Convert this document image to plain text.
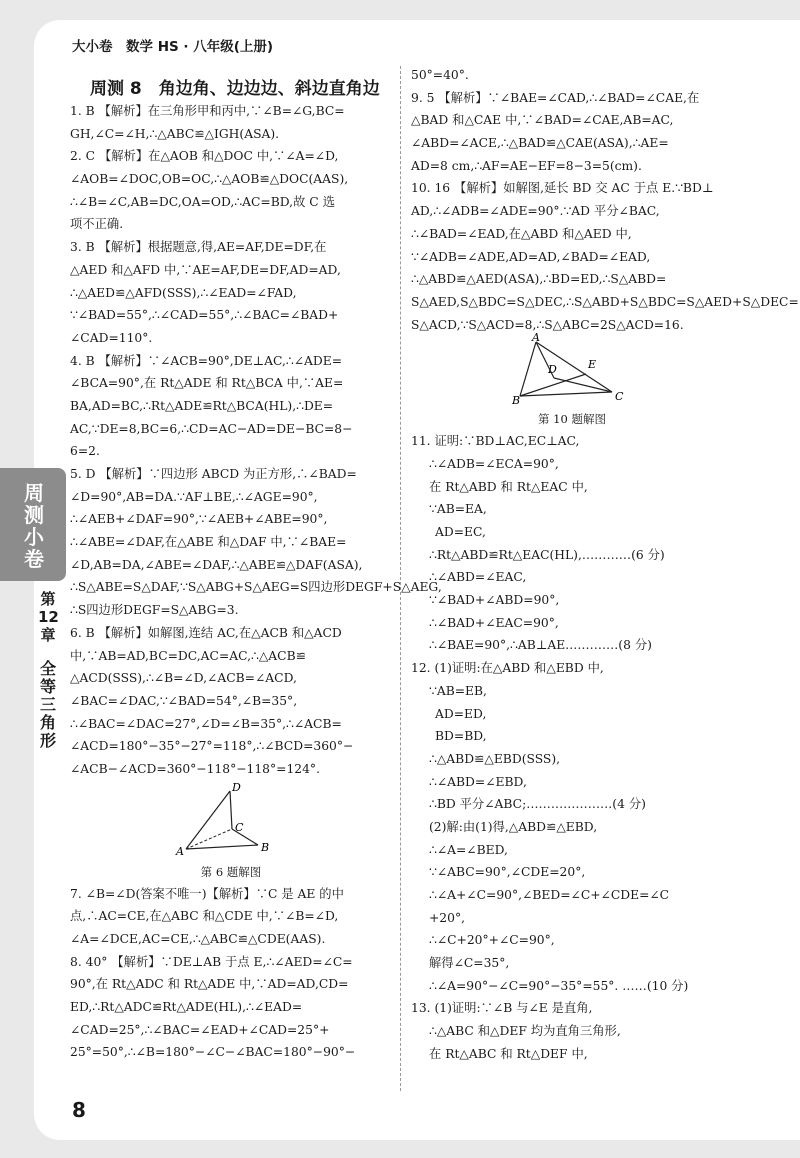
大小卷　数学 HS · 八年级(上册)
周测小卷
第12章
全等三角形
周测 8　角边角、边边边、斜边直角边
1. B 【解析】在三角形甲和丙中,∵∠B=∠G,BC=
GH,∠C=∠H,∴△ABC≌△IGH(ASA).
2. C 【解析】在△AOB 和△DOC 中,∵∠A=∠D,
∠AOB=∠DOC,OB=OC,∴△AOB≌△DOC(AAS),
∴∠B=∠C,AB=DC,OA=OD,∴AC=BD,故 C 选
项不正确.
3. B 【解析】根据题意,得,AE=AF,DE=DF,在
△AED 和△AFD 中,∵AE=AF,DE=DF,AD=AD,
∴△AED≌△AFD(SSS),∴∠EAD=∠FAD,
∵∠BAD=55°,∴∠CAD=55°,∴∠BAC=∠BAD+
∠CAD=110°.
4. B 【解析】∵∠ACB=90°,DE⊥AC,∴∠ADE=
∠BCA=90°,在 Rt△ADE 和 Rt△BCA 中,∵AE=
BA,AD=BC,∴Rt△ADE≌Rt△BCA(HL),∴DE=
AC,∵DE=8,BC=6,∴CD=AC−AD=DE−BC=8−
6=2.
5. D 【解析】∵四边形 ABCD 为正方形,∴∠BAD=
∠D=90°,AB=DA.∵AF⊥BE,∴∠AGE=90°,
∴∠AEB+∠DAF=90°,∵∠AEB+∠ABE=90°,
∴∠ABE=∠DAF,在△ABE 和△DAF 中,∵∠BAE=
∠D,AB=DA,∠ABE=∠DAF,∴△ABE≌△DAF(ASA),
∴S△ABE=S△DAF,∵S△ABG+S△AEG=S四边形DEGF+S△AEG,
∴S四边形DEGF=S△ABG=3.
6. B 【解析】如解图,连结 AC,在△ACB 和△ACD
中,∵AB=AD,BC=DC,AC=AC,∴△ACB≌
△ACD(SSS),∴∠B=∠D,∠ACB=∠ACD,
∠BAC=∠DAC,∵∠BAD=54°,∠B=35°,
∴∠BAC=∠DAC=27°,∠D=∠B=35°,∴∠ACB=
∠ACD=180°−35°−27°=118°,∴∠BCD=360°−
∠ACB−∠ACD=360°−118°−118°=124°.
D
C
A	B
第 6 题解图
7. ∠B=∠D(答案不唯一)【解析】∵C 是 AE 的中
点,∴AC=CE,在△ABC 和△CDE 中,∵∠B=∠D,
∠A=∠DCE,AC=CE,∴△ABC≌△CDE(AAS).
8. 40° 【解析】∵DE⊥AB 于点 E,∴∠AED=∠C=
90°,在 Rt△ADC 和 Rt△ADE 中,∵AD=AD,CD=
ED,∴Rt△ADC≌Rt△ADE(HL),∴∠EAD=
∠CAD=25°,∴∠BAC=∠EAD+∠CAD=25°+
25°=50°,∴∠B=180°−∠C−∠BAC=180°−90°−
50°=40°.
9. 5 【解析】∵∠BAE=∠CAD,∴∠BAD=∠CAE,在
△BAD 和△CAE 中,∵∠BAD=∠CAE,AB=AC,
∠ABD=∠ACE,∴△BAD≌△CAE(ASA),∴AE=
AD=8 cm,∴AF=AE−EF=8−3=5(cm).
10. 16 【解析】如解图,延长 BD 交 AC 于点 E.∵BD⊥
AD,∴∠ADB=∠ADE=90°.∵AD 平分∠BAC,
∴∠BAD=∠EAD,在△ABD 和△AED 中,
∵∠ADB=∠ADE,AD=AD,∠BAD=∠EAD,
∴△ABD≌△AED(ASA),∴BD=ED,∴S△ABD=
S△AED,S△BDC=S△DEC,∴S△ABD+S△BDC=S△AED+S△DEC=
S△ACD,∵S△ACD=8,∴S△ABC=2S△ACD=16.
A
D	E
B	C
第 10 题解图
11. 证明:∵BD⊥AC,EC⊥AC,
∴∠ADB=∠ECA=90°,
在 Rt△ABD 和 Rt△EAC 中,
∵AB=EA,
AD=EC,
∴Rt△ABD≌Rt△EAC(HL),…………(6 分)
∴∠ABD=∠EAC,
∵∠BAD+∠ABD=90°,
∴∠BAD+∠EAC=90°,
∴∠BAE=90°,∴AB⊥AE.…………(8 分)
12. (1)证明:在△ABD 和△EBD 中,
∵AB=EB,
AD=ED,
BD=BD,
∴△ABD≌△EBD(SSS),
∴∠ABD=∠EBD,
∴BD 平分∠ABC;…………………(4 分)
(2)解:由(1)得,△ABD≌△EBD,
∴∠A=∠BED,
∵∠ABC=90°,∠CDE=20°,
∴∠A+∠C=90°,∠BED=∠C+∠CDE=∠C
+20°,
∴∠C+20°+∠C=90°,
解得∠C=35°,
∴∠A=90°−∠C=90°−35°=55°. ……(10 分)
13. (1)证明:∵∠B 与∠E 是直角,
∴△ABC 和△DEF 均为直角三角形,
在 Rt△ABC 和 Rt△DEF 中,
8
